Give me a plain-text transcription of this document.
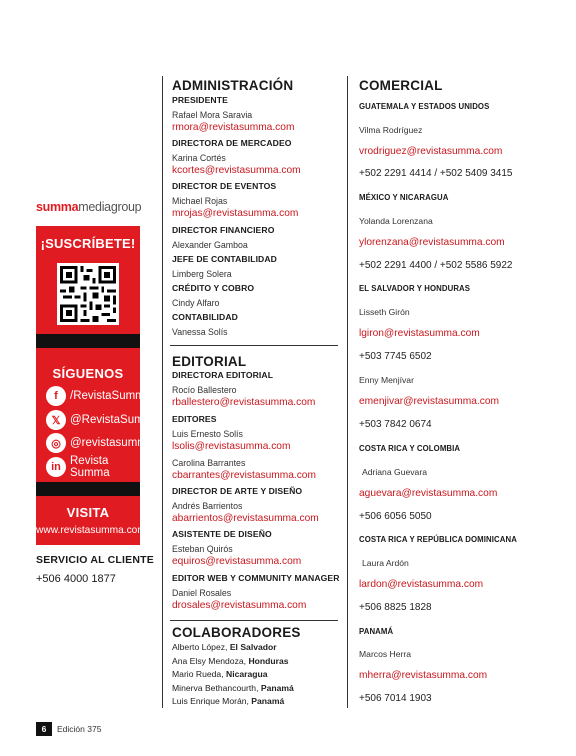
summamediagroup
¡SUSCRÍBETE!
SÍGUENOS
f	/RevistaSumma
𝕏 @RevistaSumma
◎ @revistasumma
in Revista Summa
VISITA
www.revistasumma.com
SERVICIO AL CLIENTE
+506 4000 1877
ADMINISTRACIÓN
PRESIDENTE
Rafael Mora Saravia
rmora@revistasumma.com
DIRECTORA DE MERCADEO
Karina Cortés
kcortes@revistasumma.com
DIRECTOR DE EVENTOS
Michael Rojas
mrojas@revistasumma.com
DIRECTOR FINANCIERO
Alexander Gamboa
JEFE DE CONTABILIDAD
Limberg Solera
CRÉDITO Y COBRO
Cindy Alfaro
CONTABILIDAD
Vanessa Solís
EDITORIAL
DIRECTORA EDITORIAL
Rocío Ballestero
rballestero@revistasumma.com
EDITORES
Luis Ernesto Solís
lsolis@revistasumma.com
Carolina Barrantes
cbarrantes@revistasumma.com
DIRECTOR DE ARTE Y DISEÑO
Andrés Barrientos
abarrientos@revistasumma.com
ASISTENTE DE DISEÑO
Esteban Quirós
equiros@revistasumma.com
EDITOR WEB Y COMMUNITY MANAGER
Daniel Rosales
drosales@revistasumma.com
COLABORADORES
Alberto López, El Salvador
Ana Elsy Mendoza, Honduras
Mario Rueda, Nicaragua
Minerva Bethancourth, Panamá
Luis Enrique Morán, Panamá
COMERCIAL
GUATEMALA Y ESTADOS UNIDOS
Vilma Rodríguez
vrodriguez@revistasumma.com
+502 2291 4414 / +502 5409 3415
MÉXICO Y NICARAGUA
Yolanda Lorenzana
ylorenzana@revistasumma.com
+502 2291 4400 / +502 5586 5922
EL SALVADOR Y HONDURAS
Lisseth Girón
lgiron@revistasumma.com
+503 7745 6502
Enny Menjívar
emenjivar@revistasumma.com
+503 7842 0674
COSTA RICA Y COLOMBIA
Adriana Guevara
aguevara@revistasumma.com
+506 6056 5050
COSTA RICA Y REPÚBLICA DOMINICANA
Laura Ardón
lardon@revistasumma.com
+506 8825 1828
PANAMÁ
Marcos Herra
mherra@revistasumma.com
+506 7014 1903
6	Edición 375
